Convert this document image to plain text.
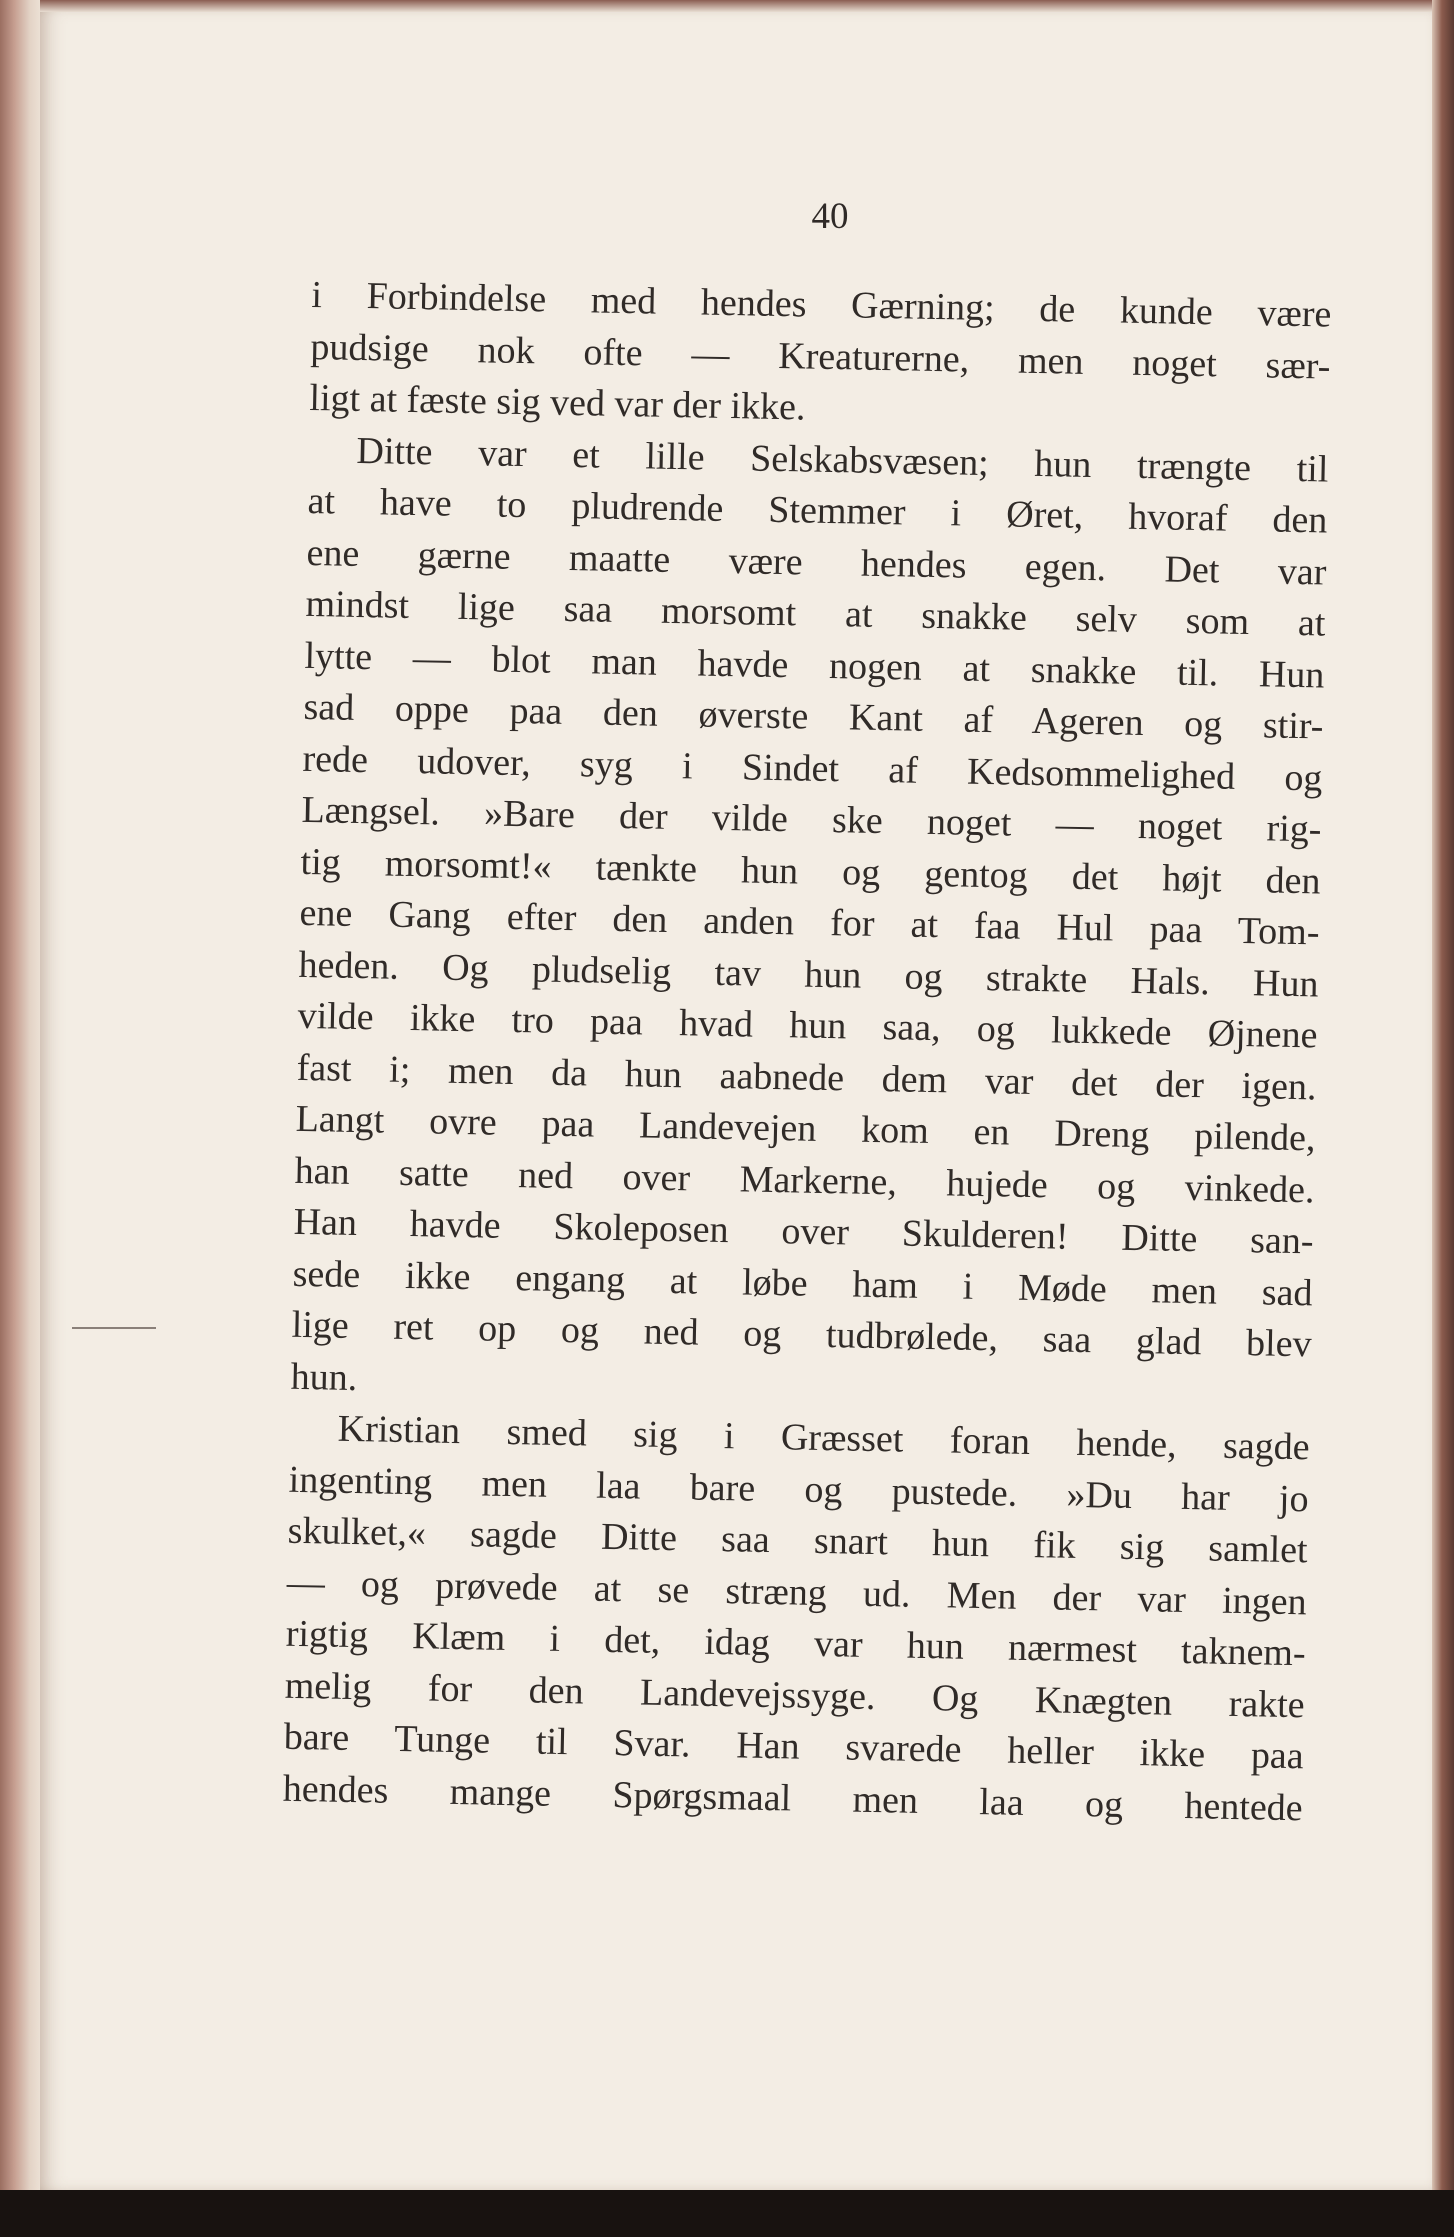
40
i Forbindelse med hendes Gærning; de kunde være
pudsige nok ofte — Kreaturerne, men noget sær-
ligt at fæste sig ved var der ikke.
Ditte var et lille Selskabsvæsen; hun trængte til
at have to pludrende Stemmer i Øret, hvoraf den
ene gærne maatte være hendes egen. Det var
mindst lige saa morsomt at snakke selv som at
lytte — blot man havde nogen at snakke til. Hun
sad oppe paa den øverste Kant af Ageren og stir-
rede udover, syg i Sindet af Kedsommelighed og
Længsel. »Bare der vilde ske noget — noget rig-
tig morsomt!« tænkte hun og gentog det højt den
ene Gang efter den anden for at faa Hul paa Tom-
heden. Og pludselig tav hun og strakte Hals. Hun
vilde ikke tro paa hvad hun saa, og lukkede Øjnene
fast i; men da hun aabnede dem var det der igen.
Langt ovre paa Landevejen kom en Dreng pilende,
han satte ned over Markerne, hujede og vinkede.
Han havde Skoleposen over Skulderen! Ditte san-
sede ikke engang at løbe ham i Møde men sad
lige ret op og ned og tudbrølede, saa glad blev
hun.
Kristian smed sig i Græsset foran hende, sagde
ingenting men laa bare og pustede. »Du har jo
skulket,« sagde Ditte saa snart hun fik sig samlet
— og prøvede at se stræng ud. Men der var ingen
rigtig Klæm i det, idag var hun nærmest taknem-
melig for den Landevejssyge. Og Knægten rakte
bare Tunge til Svar. Han svarede heller ikke paa
hendes mange Spørgsmaal men laa og hentede
